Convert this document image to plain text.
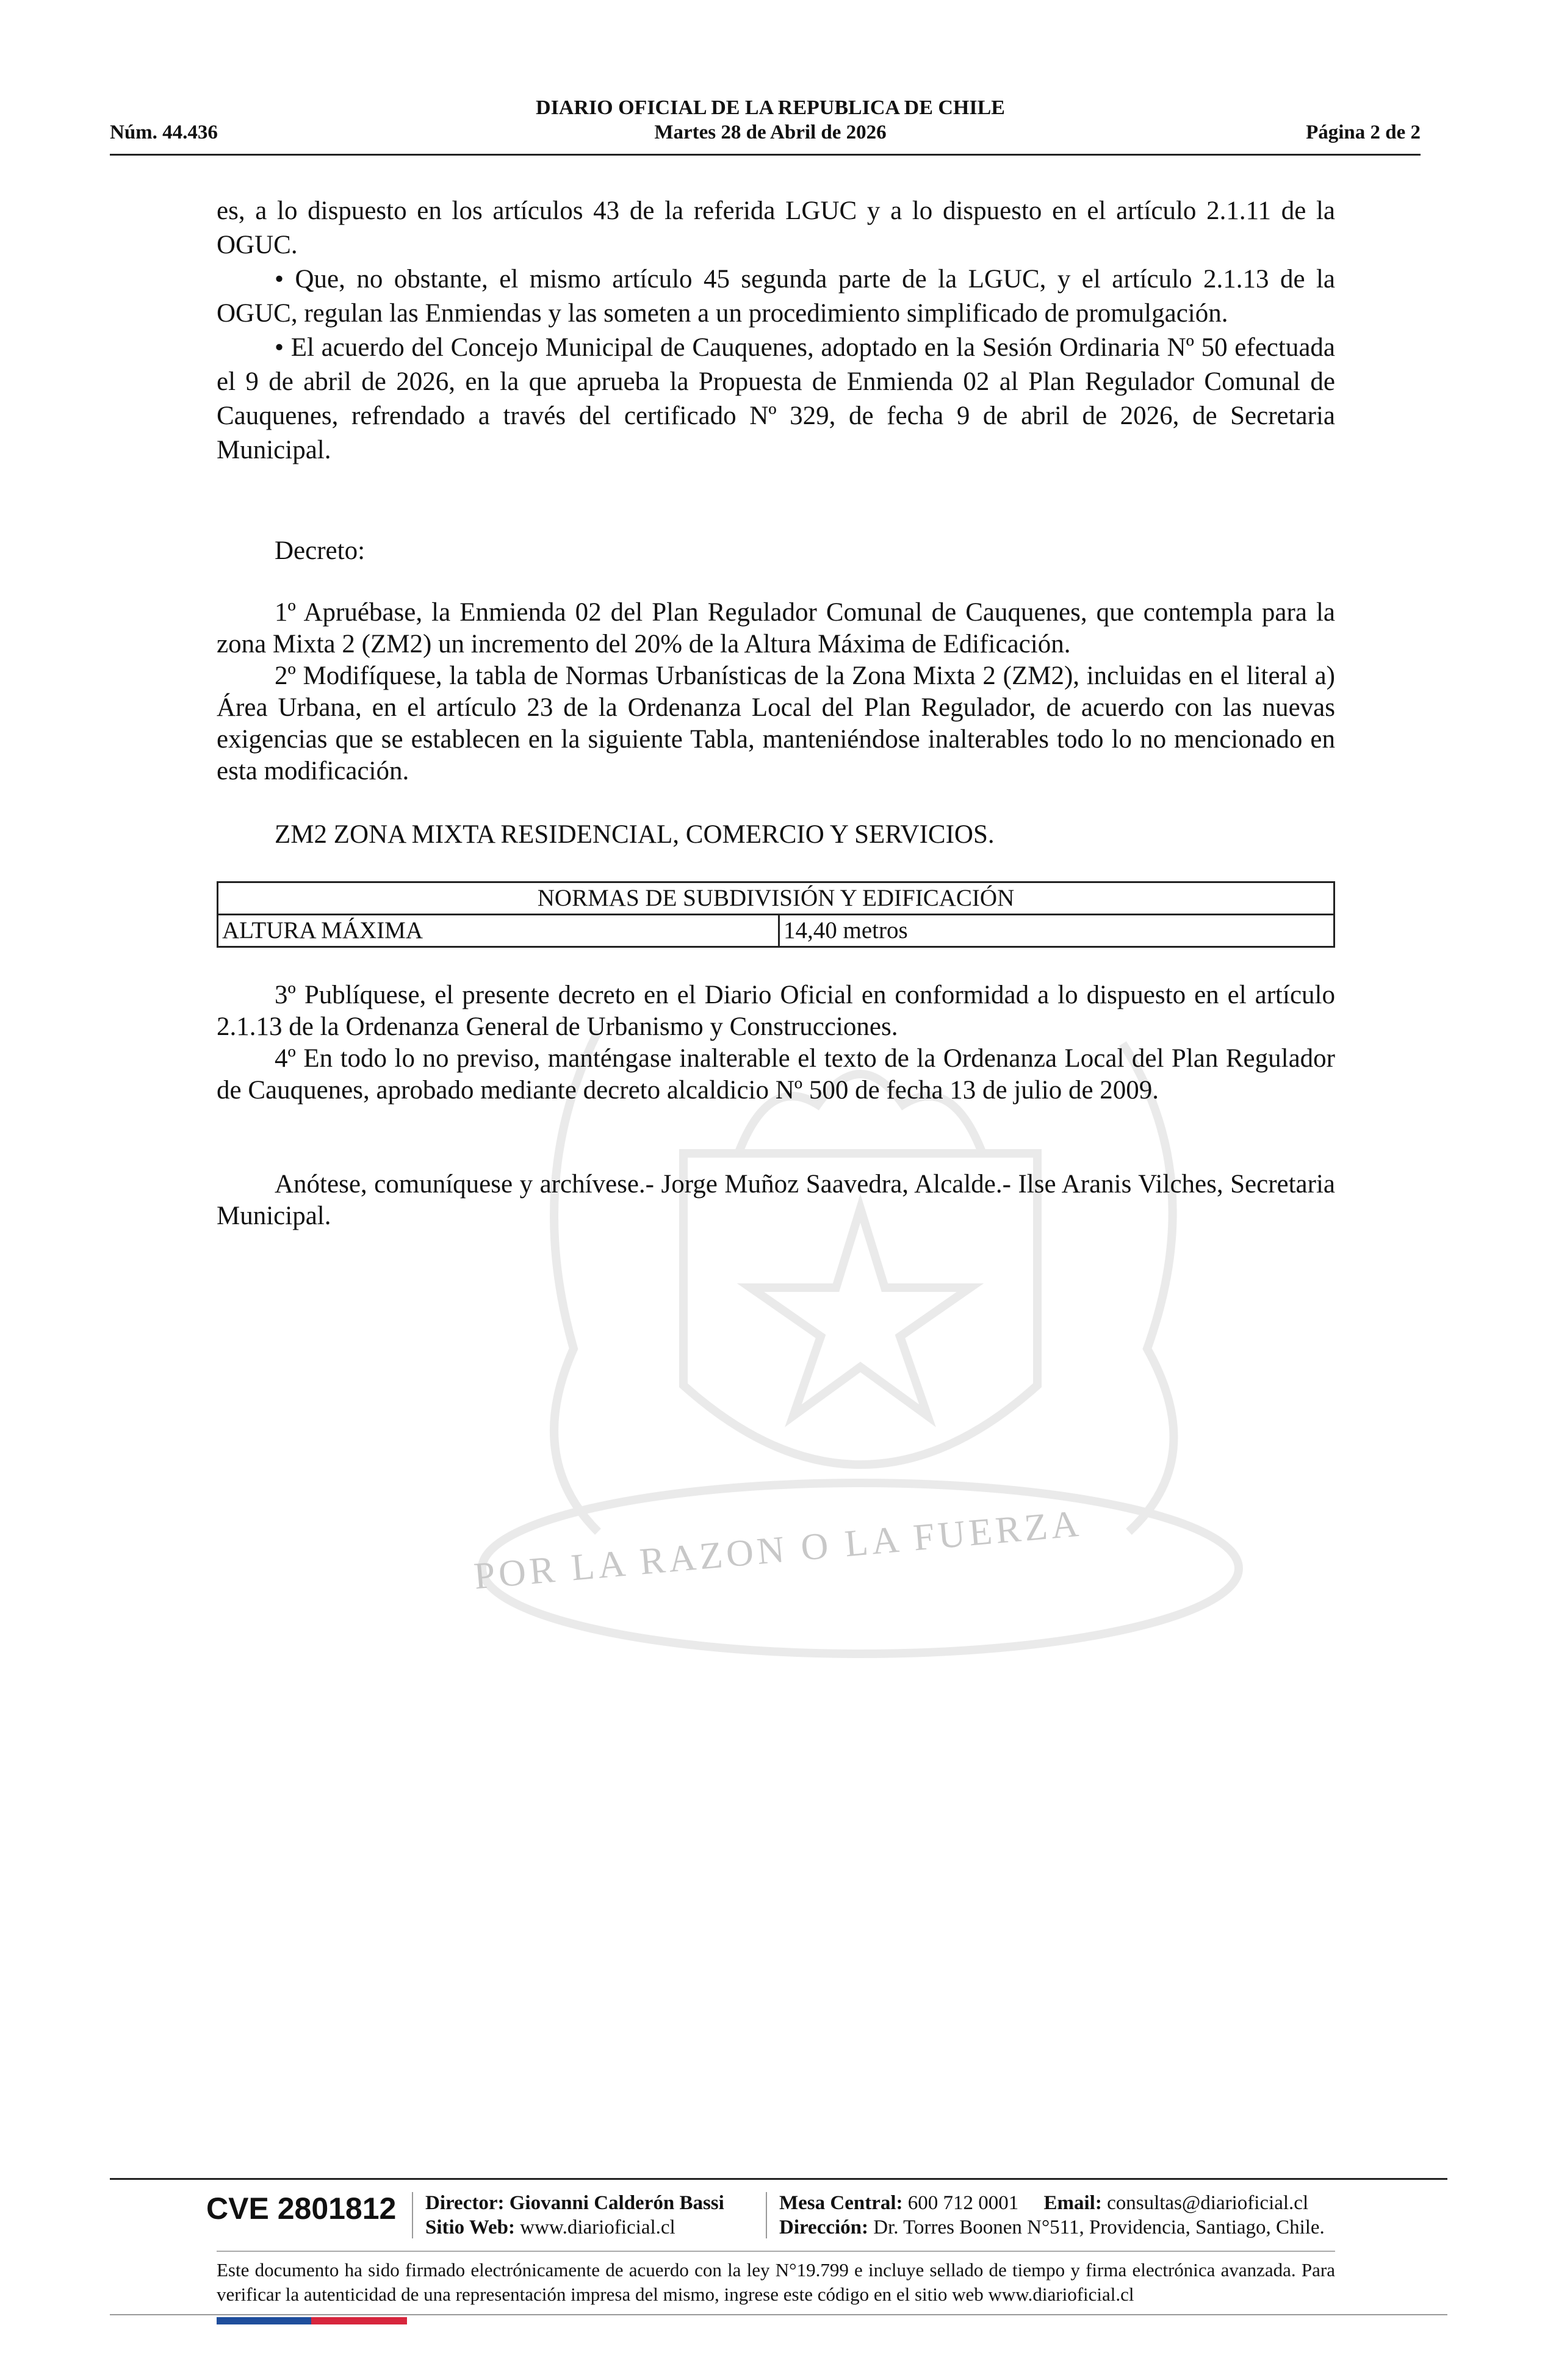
POR LA RAZON O LA FUERZA
DIARIO OFICIAL DE LA REPUBLICA DE CHILE
Núm. 44.436	Martes 28 de Abril de 2026	Página 2 de 2

es, a lo dispuesto en los artículos 43 de la referida LGUC y a lo dispuesto en el artículo 2.1.11 de la OGUC.

• Que, no obstante, el mismo artículo 45 segunda parte de la LGUC, y el artículo 2.1.13 de la OGUC, regulan las Enmiendas y las someten a un procedimiento simplificado de promulgación.

• El acuerdo del Concejo Municipal de Cauquenes, adoptado en la Sesión Ordinaria Nº 50 efectuada el 9 de abril de 2026, en la que aprueba la Propuesta de Enmienda 02 al Plan Regulador Comunal de Cauquenes, refrendado a través del certificado Nº 329, de fecha 9 de abril de 2026, de Secretaria Municipal.

Decreto:

1º Apruébase, la Enmienda 02 del Plan Regulador Comunal de Cauquenes, que contempla para la zona Mixta 2 (ZM2) un incremento del 20% de la Altura Máxima de Edificación.

2º Modifíquese, la tabla de Normas Urbanísticas de la Zona Mixta 2 (ZM2), incluidas en el literal a) Área Urbana, en el artículo 23 de la Ordenanza Local del Plan Regulador, de acuerdo con las nuevas exigencias que se establecen en la siguiente Tabla, manteniéndose inalterables todo lo no mencionado en esta modificación.

ZM2 ZONA MIXTA RESIDENCIAL, COMERCIO Y SERVICIOS.

NORMAS DE SUBDIVISIÓN Y EDIFICACIÓN
ALTURA MÁXIMA	14,40 metros

3º Publíquese, el presente decreto en el Diario Oficial en conformidad a lo dispuesto en el artículo 2.1.13 de la Ordenanza General de Urbanismo y Construcciones.

4º En todo lo no previso, manténgase inalterable el texto de la Ordenanza Local del Plan Regulador de Cauquenes, aprobado mediante decreto alcaldicio Nº 500 de fecha 13 de julio de 2009.

Anótese, comuníquese y archívese.- Jorge Muñoz Saavedra, Alcalde.- Ilse Aranis Vilches, Secretaria Municipal.

CVE 2801812 Director: Giovanni Calderón Bassi
Sitio Web: www.diarioficial.cl
Mesa Central: 600 712 0001 Email: consultas@diarioficial.cl
Dirección: Dr. Torres Boonen N°511, Providencia, Santiago, Chile.
Este documento ha sido firmado electrónicamente de acuerdo con la ley N°19.799 e incluye sellado de tiempo y firma electrónica avanzada. Para verificar la autenticidad de una representación impresa del mismo, ingrese este código en el sitio web www.diarioficial.cl
